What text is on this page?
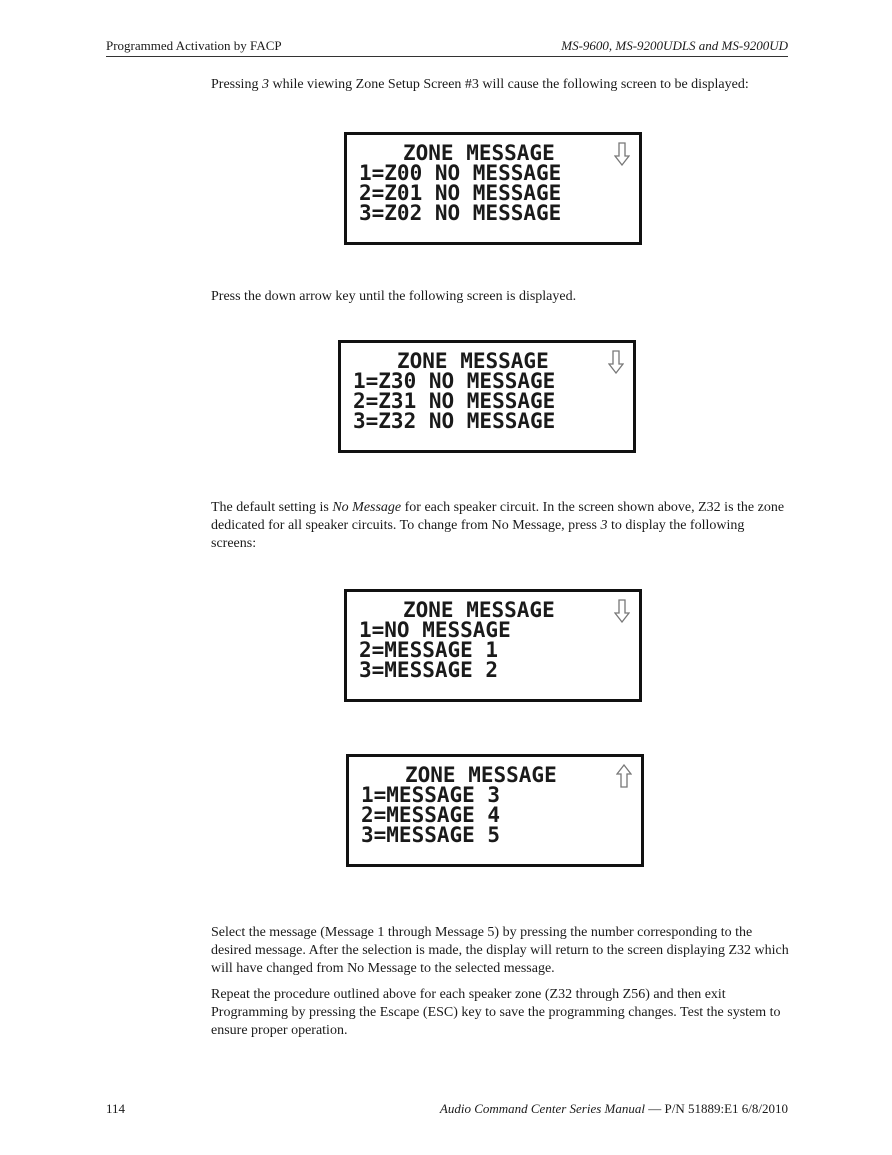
Programmed Activation by FACP	MS-9600, MS-9200UDLS and MS-9200UD

Pressing 3 while viewing Zone Setup Screen #3 will cause the following screen to be displayed:

ZONE MESSAGE
1=Z00 NO MESSAGE
2=Z01 NO MESSAGE
3=Z02 NO MESSAGE

Press the down arrow key until the following screen is displayed.

ZONE MESSAGE
1=Z30 NO MESSAGE
2=Z31 NO MESSAGE
3=Z32 NO MESSAGE

The default setting is No Message for each speaker circuit. In the screen shown above, Z32 is the zone dedicated for all speaker circuits. To change from No Message, press 3 to display the following screens:

ZONE MESSAGE
1=NO MESSAGE
2=MESSAGE 1
3=MESSAGE 2
ZONE MESSAGE
1=MESSAGE 3
2=MESSAGE 4
3=MESSAGE 5

Select the message (Message 1 through Message 5) by pressing the number corresponding to the desired message. After the selection is made, the display will return to the screen displaying Z32 which will have changed from No Message to the selected message.

Repeat the procedure outlined above for each speaker zone (Z32 through Z56) and then exit Programming by pressing the Escape (ESC) key to save the programming changes. Test the system to ensure proper operation.

114	Audio Command Center Series Manual — P/N 51889:E1 6/8/2010
